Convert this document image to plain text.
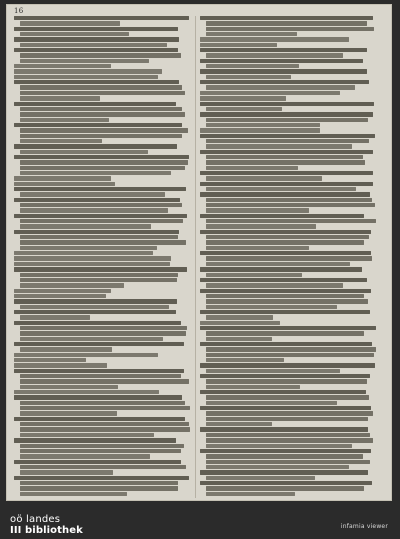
16
oö landes
III bibliothek	infamia viewer
